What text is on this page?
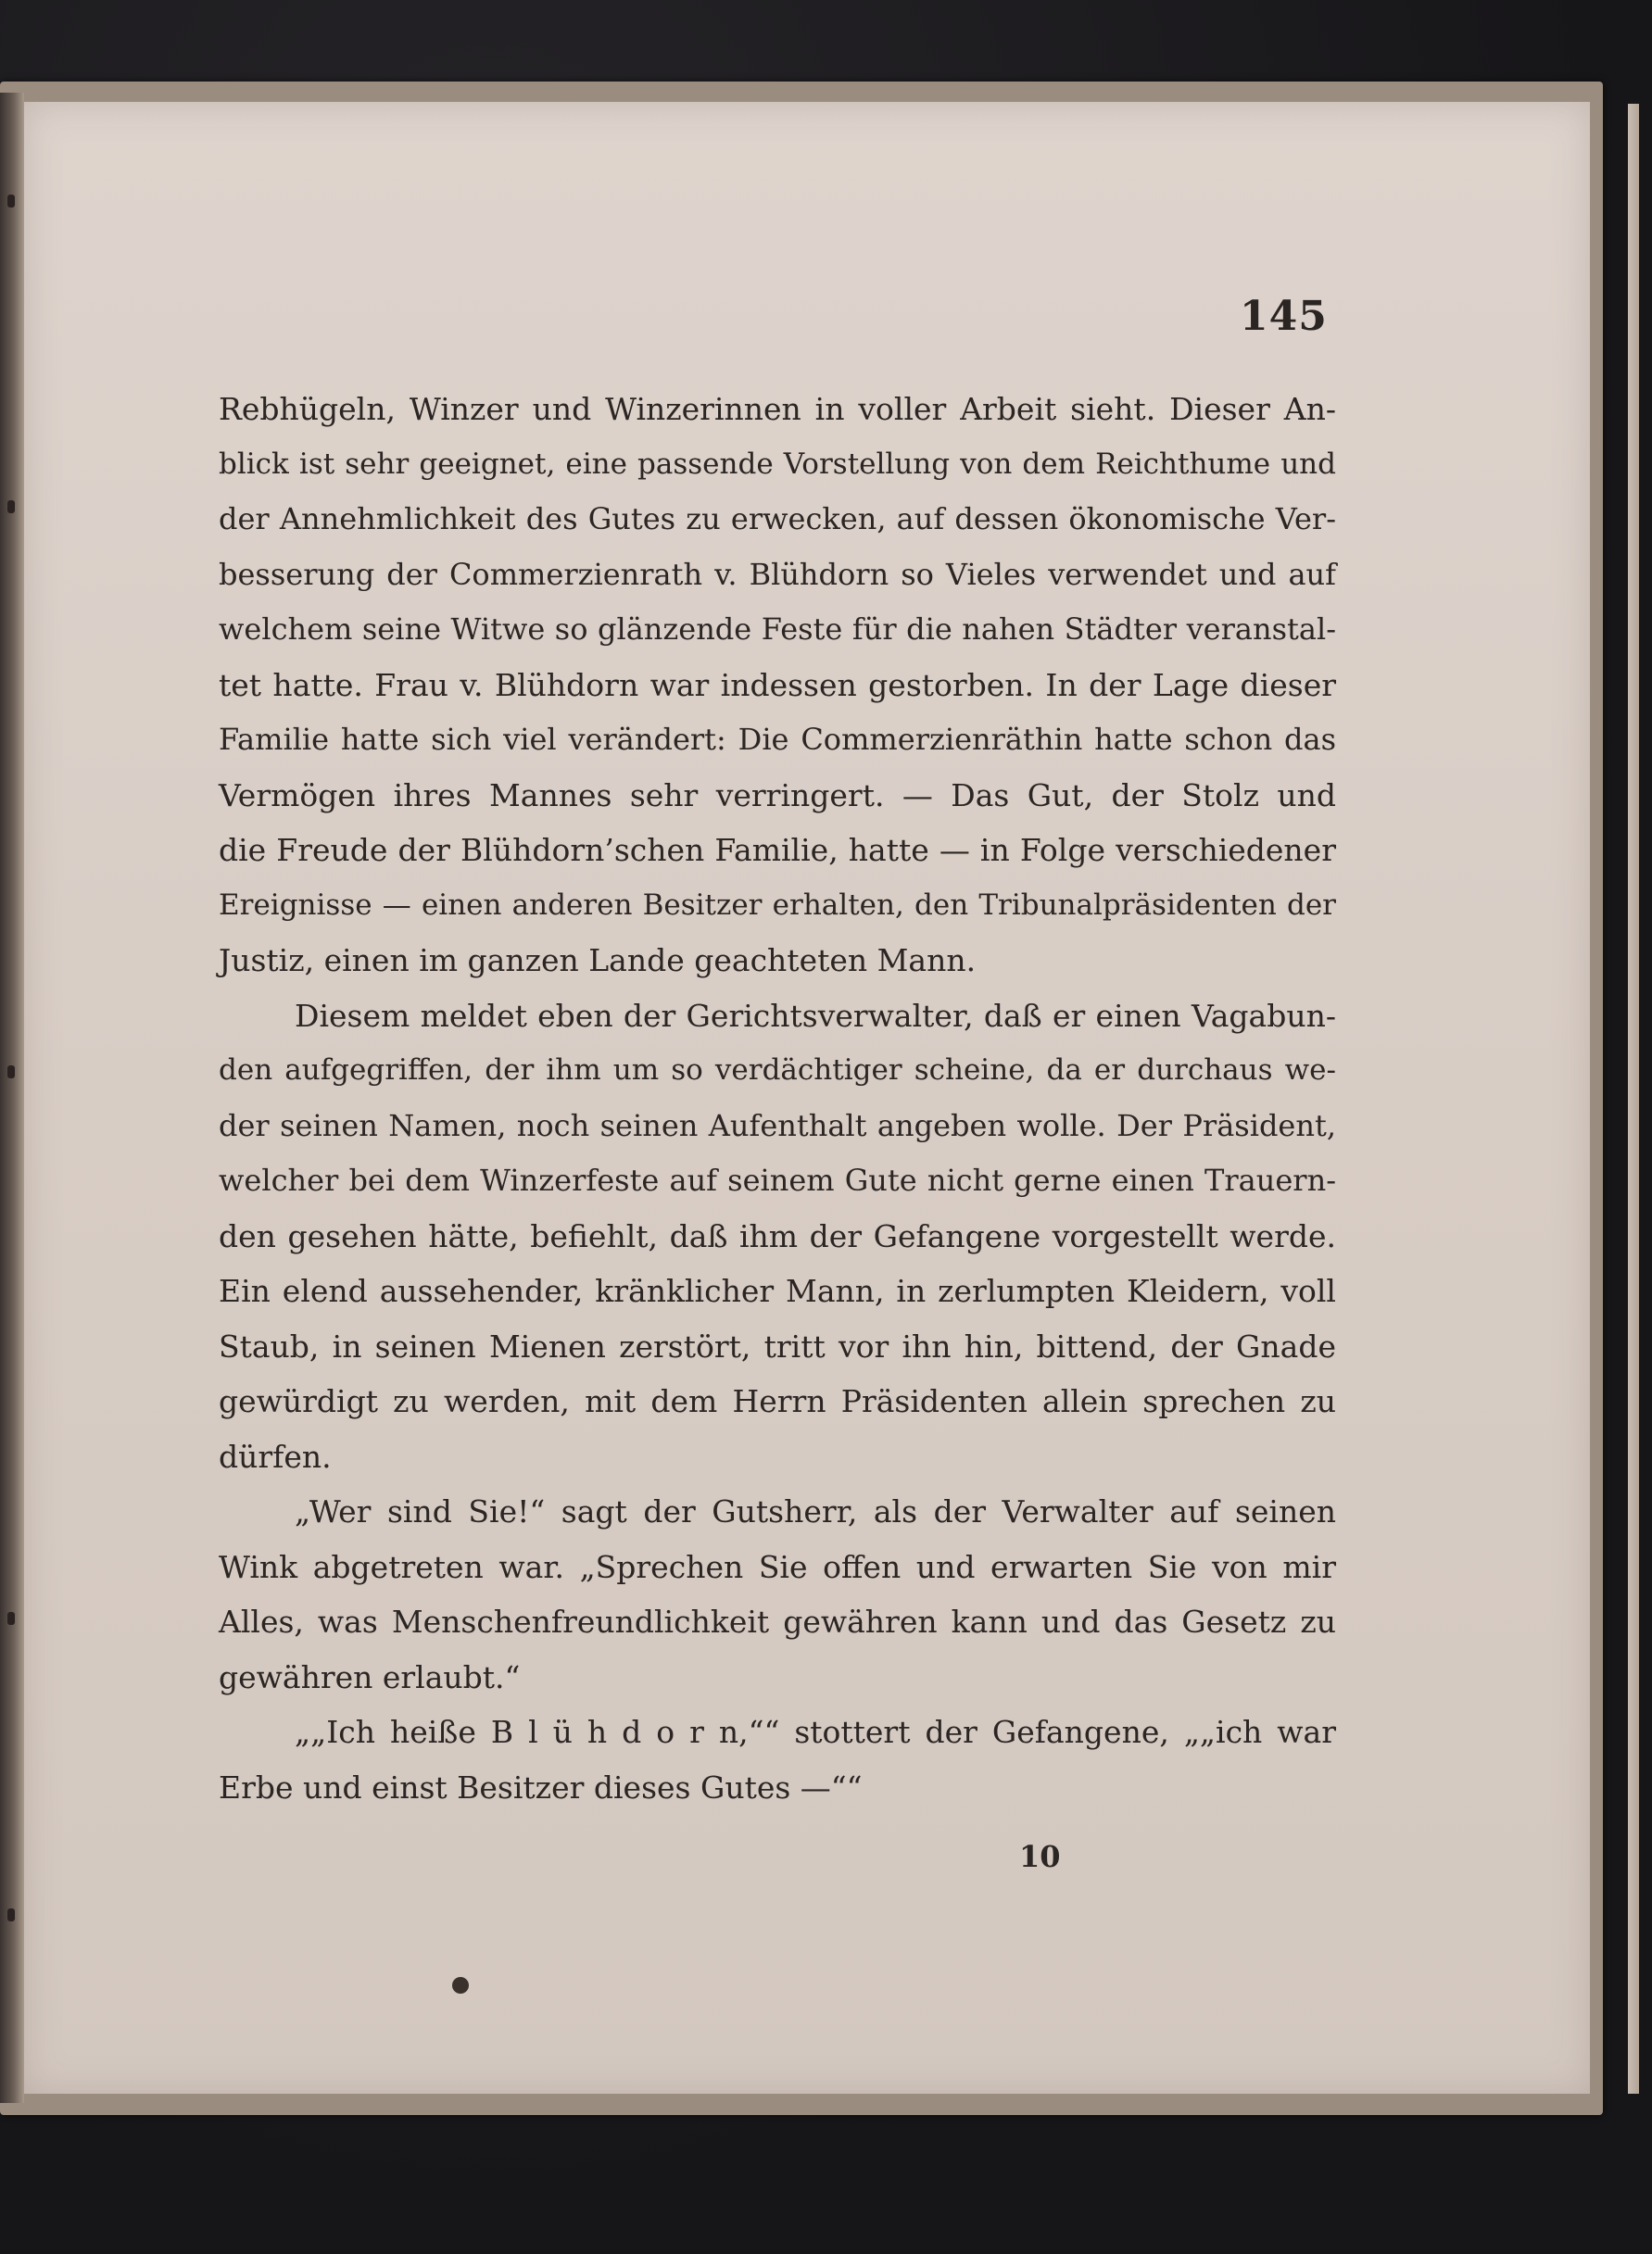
145
Rebhügeln, Winzer und Winzerinnen in voller Arbeit sieht. Dieser An-
blick ist sehr geeignet, eine passende Vorstellung von dem Reichthume und
der Annehmlichkeit des Gutes zu erwecken, auf dessen ökonomische Ver-
besserung der Commerzienrath v. Blühdorn so Vieles verwendet und auf
welchem seine Witwe so glänzende Feste für die nahen Städter veranstal-
tet hatte. Frau v. Blühdorn war indessen gestorben. In der Lage dieser
Familie hatte sich viel verändert: Die Commerzienräthin hatte schon das
Vermögen ihres Mannes sehr verringert. — Das Gut, der Stolz und
die Freude der Blühdorn’schen Familie, hatte — in Folge verschiedener
Ereignisse — einen anderen Besitzer erhalten, den Tribunalpräsidenten der
Justiz, einen im ganzen Lande geachteten Mann.
Diesem meldet eben der Gerichtsverwalter, daß er einen Vagabun-
den aufgegriffen, der ihm um so verdächtiger scheine, da er durchaus we-
der seinen Namen, noch seinen Aufenthalt angeben wolle. Der Präsident,
welcher bei dem Winzerfeste auf seinem Gute nicht gerne einen Trauern-
den gesehen hätte, befiehlt, daß ihm der Gefangene vorgestellt werde.
Ein elend aussehender, kränklicher Mann, in zerlumpten Kleidern, voll
Staub, in seinen Mienen zerstört, tritt vor ihn hin, bittend, der Gnade
gewürdigt zu werden, mit dem Herrn Präsidenten allein sprechen zu
dürfen.
„Wer sind Sie!“ sagt der Gutsherr, als der Verwalter auf seinen
Wink abgetreten war. „Sprechen Sie offen und erwarten Sie von mir
Alles, was Menschenfreundlichkeit gewähren kann und das Gesetz zu
gewähren erlaubt.“
„„Ich heiße B l ü h d o r n,““ stottert der Gefangene, „„ich war
Erbe und einst Besitzer dieses Gutes —““
10
